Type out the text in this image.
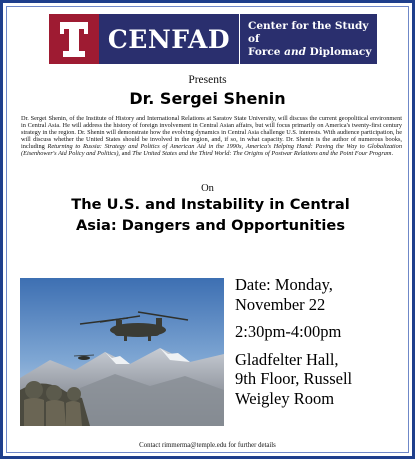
CENFAD	Center for the Study of
Force and Diplomacy
Presents
Dr. Sergei Shenin
Dr. Sergei Shenin, of the Institute of History and International Relations at Saratov State University, will discuss the current geopolitical environment in Central Asia. He will address the history of foreign involvement in Central Asian affairs, but will focus primarily on America's twenty-first century strategy in the region. Dr. Shenin will demonstrate how the evolving dynamics in Central Asia challenge U.S. interests. With audience participation, he will discuss whether the United States should be involved in the region, and, if so, in what capacity. Dr. Shenin is the author of numerous books, including Returning to Russia: Strategy and Politics of American Aid in the 1990s, America's Helping Hand: Paving the Way to Globalization (Eisenhower's Aid Policy and Politics), and The United States and the Third World: The Origins of Postwar Relations and the Point Four Program.
On
The U.S. and Instability in Central
Asia: Dangers and Opportunities
Date: Monday,
November 22
2:30pm-4:00pm
Gladfelter Hall,
9th Floor, Russell
Weigley Room
Contact rimmerma@temple.edu for further details
